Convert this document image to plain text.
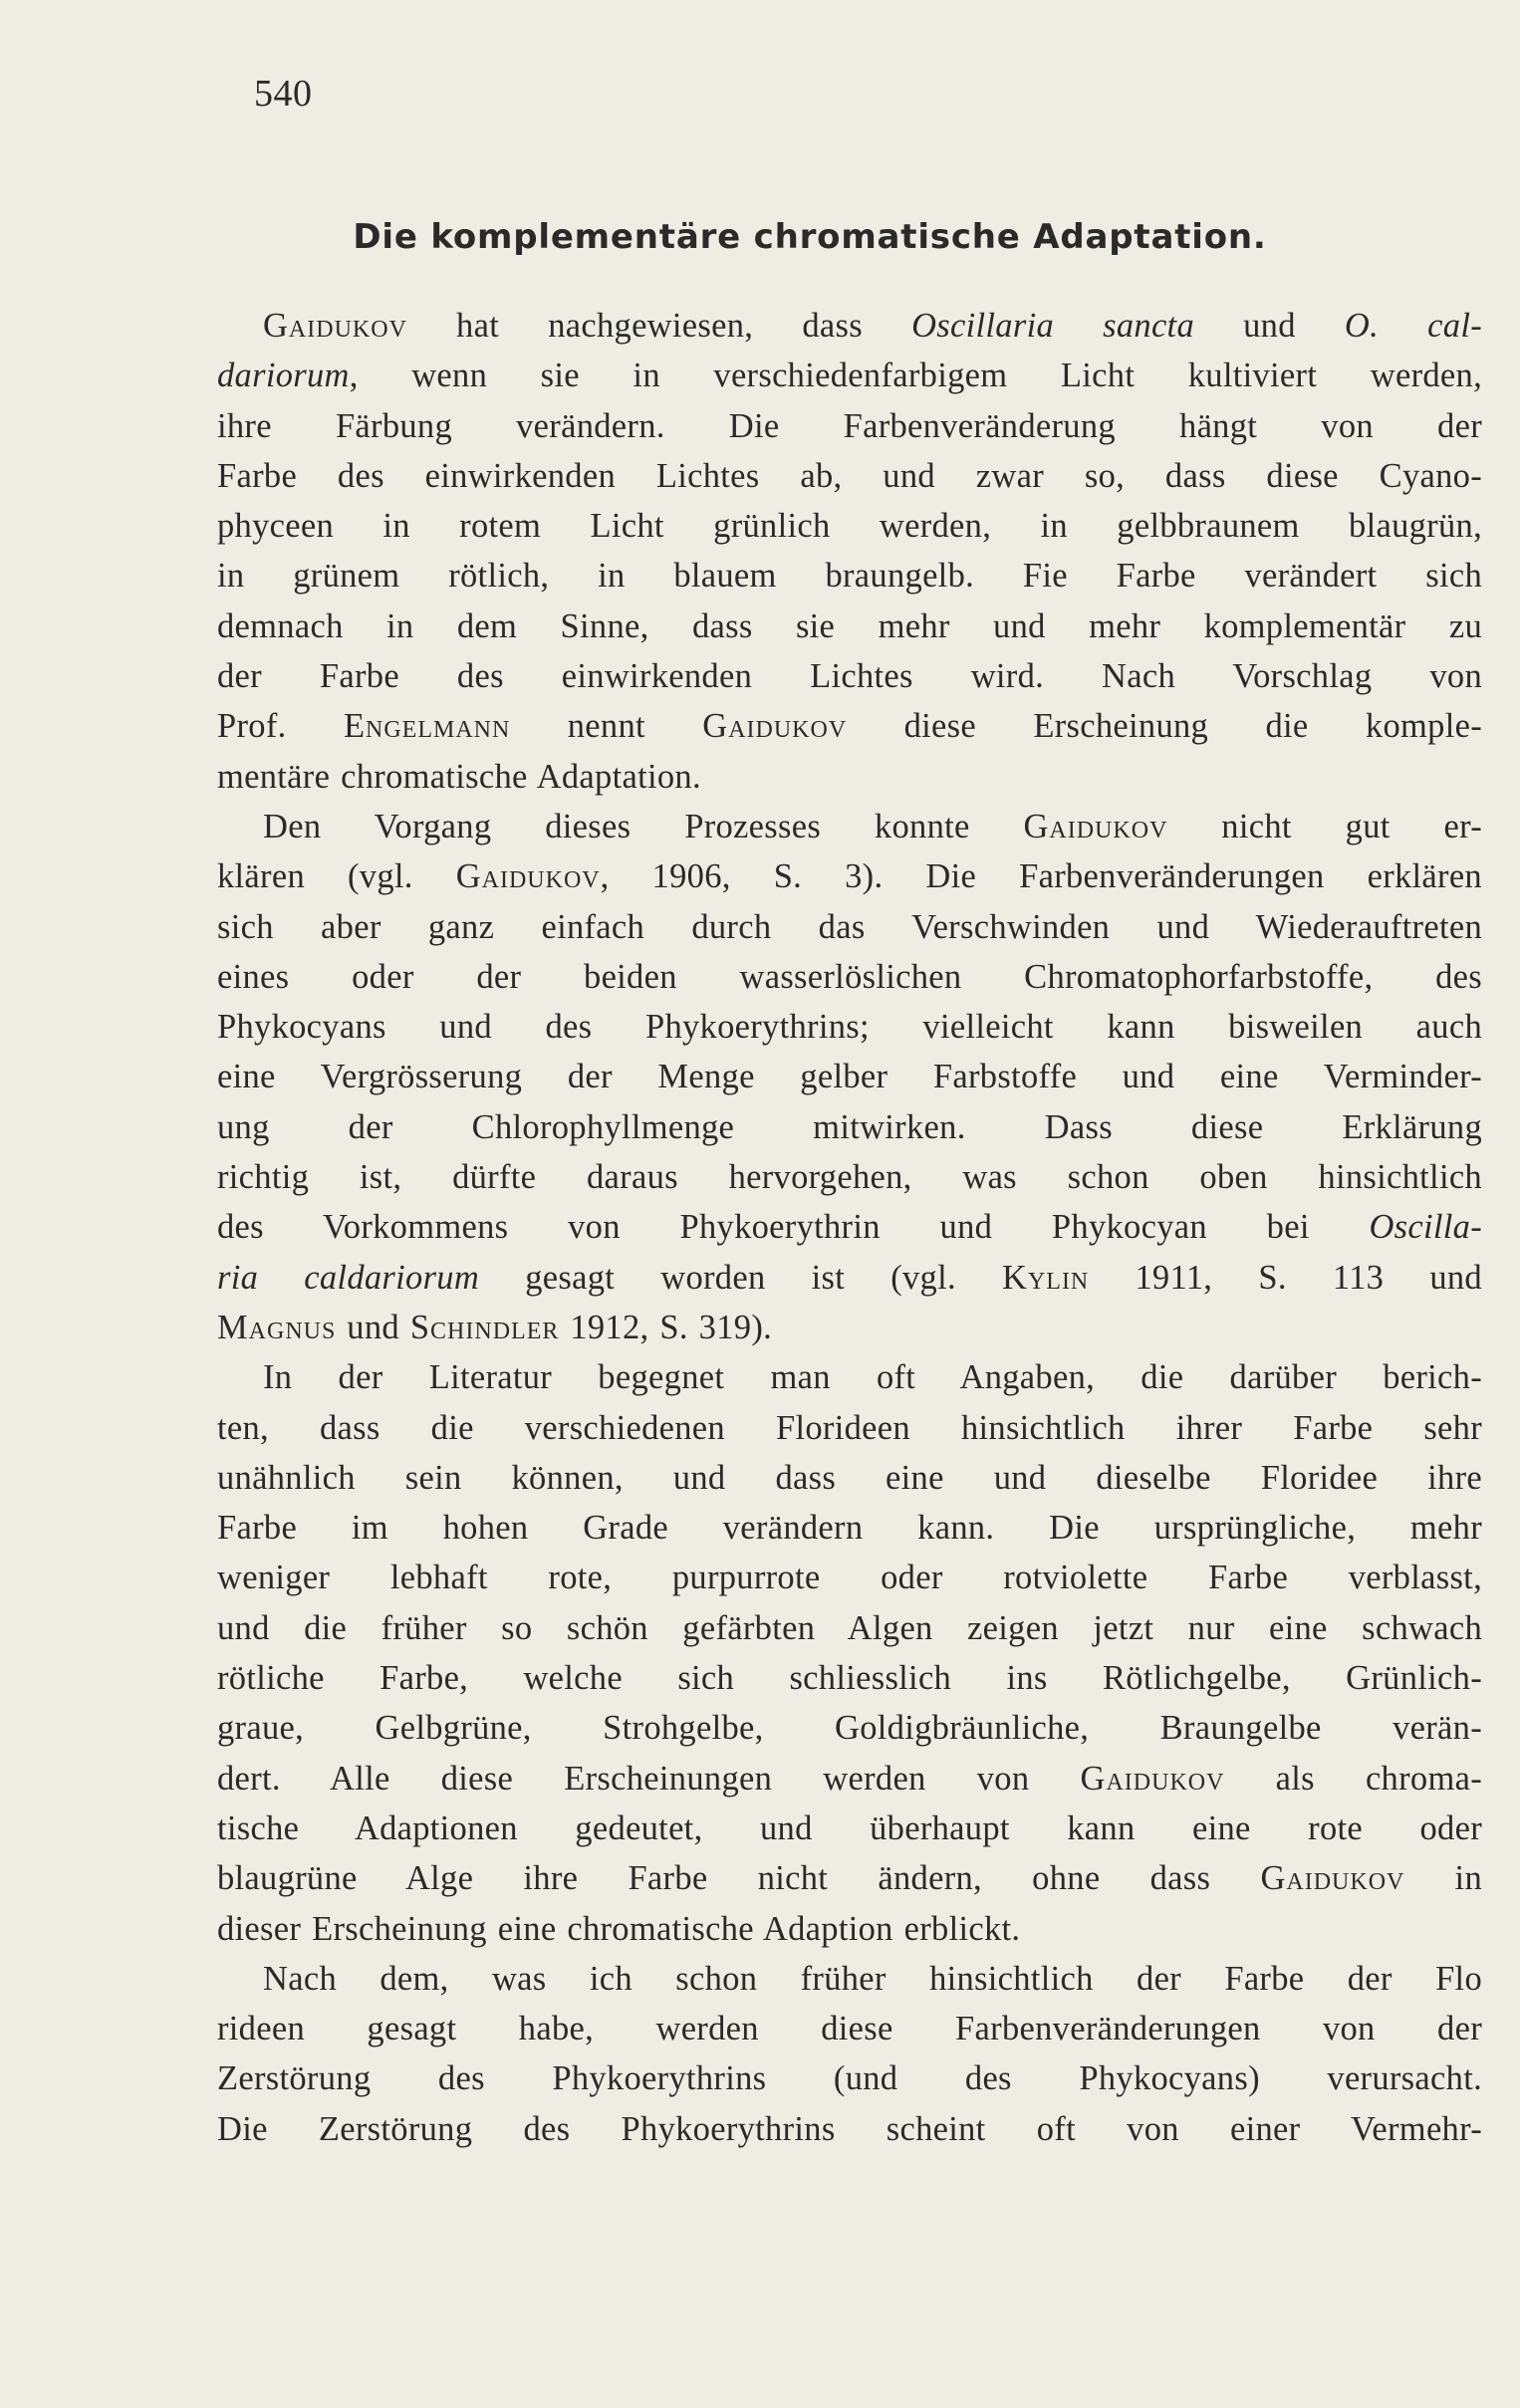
540
Die komplementäre chromatische Adaptation.
Gaidukov hat nachgewiesen, dass Oscillaria sancta und O. cal-
dariorum, wenn sie in verschiedenfarbigem Licht kultiviert werden,
ihre Färbung verändern. Die Farbenveränderung hängt von der
Farbe des einwirkenden Lichtes ab, und zwar so, dass diese Cyano-
phyceen in rotem Licht grünlich werden, in gelbbraunem blaugrün,
in grünem rötlich, in blauem braungelb. Fie Farbe verändert sich
demnach in dem Sinne, dass sie mehr und mehr komplementär zu
der Farbe des einwirkenden Lichtes wird. Nach Vorschlag von
Prof. Engelmann nennt Gaidukov diese Erscheinung die komple-
mentäre chromatische Adaptation.
Den Vorgang dieses Prozesses konnte Gaidukov nicht gut er-
klären (vgl. Gaidukov, 1906, S. 3). Die Farbenveränderungen erklären
sich aber ganz einfach durch das Verschwinden und Wiederauftreten
eines oder der beiden wasserlöslichen Chromatophorfarbstoffe, des
Phykocyans und des Phykoerythrins; vielleicht kann bisweilen auch
eine Vergrösserung der Menge gelber Farbstoffe und eine Verminder-
ung der Chlorophyllmenge mitwirken. Dass diese Erklärung
richtig ist, dürfte daraus hervorgehen, was schon oben hinsichtlich
des Vorkommens von Phykoerythrin und Phykocyan bei Oscilla-
ria caldariorum gesagt worden ist (vgl. Kylin 1911, S. 113 und
Magnus und Schindler 1912, S. 319).
In der Literatur begegnet man oft Angaben, die darüber berich-
ten, dass die verschiedenen Florideen hinsichtlich ihrer Farbe sehr
unähnlich sein können, und dass eine und dieselbe Floridee ihre
Farbe im hohen Grade verändern kann. Die ursprüngliche, mehr
weniger lebhaft rote, purpurrote oder rotviolette Farbe verblasst,
und die früher so schön gefärbten Algen zeigen jetzt nur eine schwach
rötliche Farbe, welche sich schliesslich ins Rötlichgelbe, Grünlich-
graue, Gelbgrüne, Strohgelbe, Goldigbräunliche, Braungelbe verän-
dert. Alle diese Erscheinungen werden von Gaidukov als chroma-
tische Adaptionen gedeutet, und überhaupt kann eine rote oder
blaugrüne Alge ihre Farbe nicht ändern, ohne dass Gaidukov in
dieser Erscheinung eine chromatische Adaption erblickt.
Nach dem, was ich schon früher hinsichtlich der Farbe der Flo
rideen gesagt habe, werden diese Farbenveränderungen von der
Zerstörung des Phykoerythrins (und des Phykocyans) verursacht.
Die Zerstörung des Phykoerythrins scheint oft von einer Vermehr-
